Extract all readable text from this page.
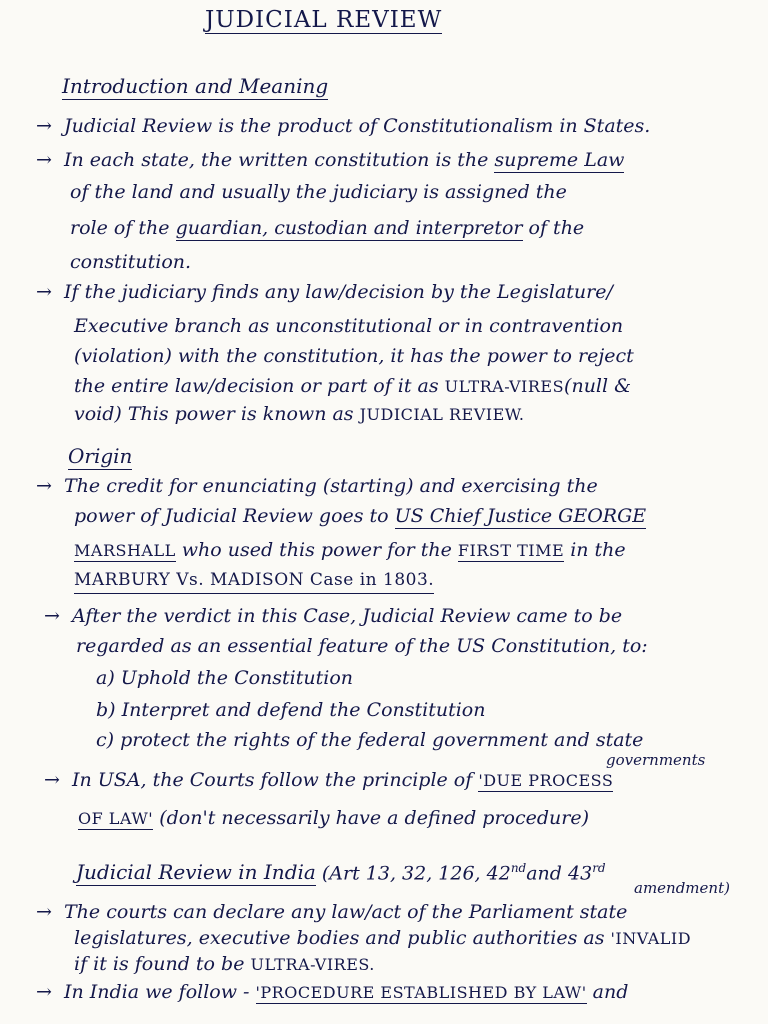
JUDICIAL REVIEW
Introduction and Meaning
→ Judicial Review is the product of Constitutionalism in States.
→ In each state, the written constitution is the supreme Law
of the land and usually the judiciary is assigned the
role of the guardian, custodian and interpretor of the
constitution.
→ If the judiciary finds any law/decision by the Legislature/
Executive branch as unconstitutional or in contravention
(violation) with the constitution, it has the power to reject
the entire law/decision or part of it as ULTRA-VIRES(null &
void) This power is known as JUDICIAL REVIEW.
Origin
→ The credit for enunciating (starting) and exercising the
power of Judicial Review goes to US Chief Justice GEORGE
MARSHALL who used this power for the FIRST TIME in the
MARBURY Vs. MADISON Case in 1803.
→ After the verdict in this Case, Judicial Review came to be
regarded as an essential feature of the US Constitution, to:
a) Uphold the Constitution
b) Interpret and defend the Constitution
c) protect the rights of the federal government and state
governments
→ In USA, the Courts follow the principle of 'DUE PROCESS
OF LAW' (don't necessarily have a defined procedure)
Judicial Review in India (Art 13, 32, 126, 42ndand 43rd
amendment)
→ The courts can declare any law/act of the Parliament state
legislatures, executive bodies and public authorities as 'INVALID
if it is found to be ULTRA-VIRES.
→ In India we follow - 'PROCEDURE ESTABLISHED BY LAW' and
